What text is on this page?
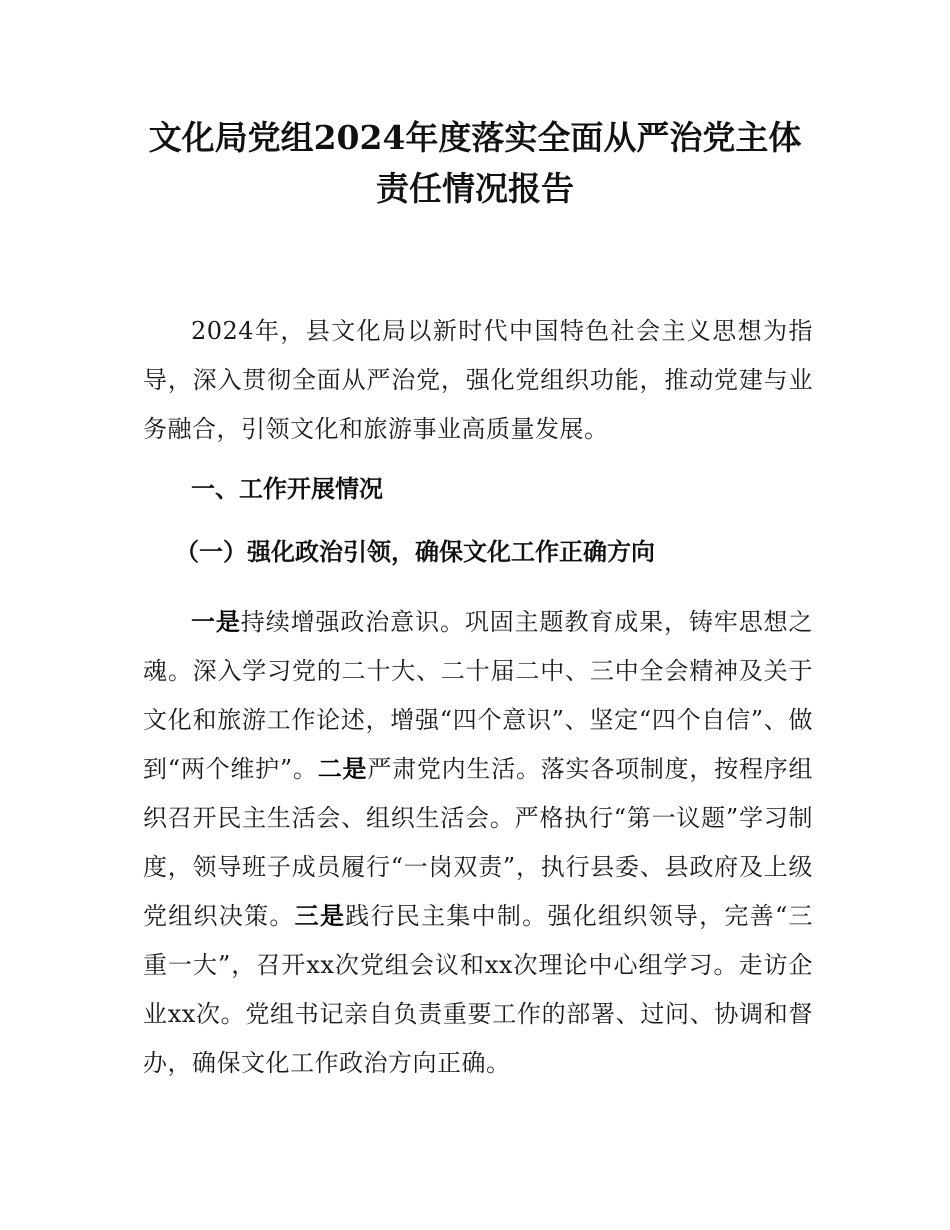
文化局党组2024年度落实全面从严治党主体
责任情况报告

2024年，县文化局以新时代中国特色社会主义思想为指导，深入贯彻全面从严治党，强化党组织功能，推动党建与业务融合，引领文化和旅游事业高质量发展。

一、工作开展情况
（一）强化政治引领，确保文化工作正确方向

一是持续增强政治意识。巩固主题教育成果，铸牢思想之魂。深入学习党的二十大、二十届二中、三中全会精神及关于文化和旅游工作论述，增强“四个意识”、坚定“四个自信”、做到“两个维护”。二是严肃党内生活。落实各项制度，按程序组织召开民主生活会、组织生活会。严格执行“第一议题”学习制度，领导班子成员履行“一岗双责”，执行县委、县政府及上级党组织决策。三是践行民主集中制。强化组织领导，完善“三重一大”，召开xx次党组会议和xx次理论中心组学习。走访企业xx次。党组书记亲自负责重要工作的部署、过问、协调和督办，确保文化工作政治方向正确。
